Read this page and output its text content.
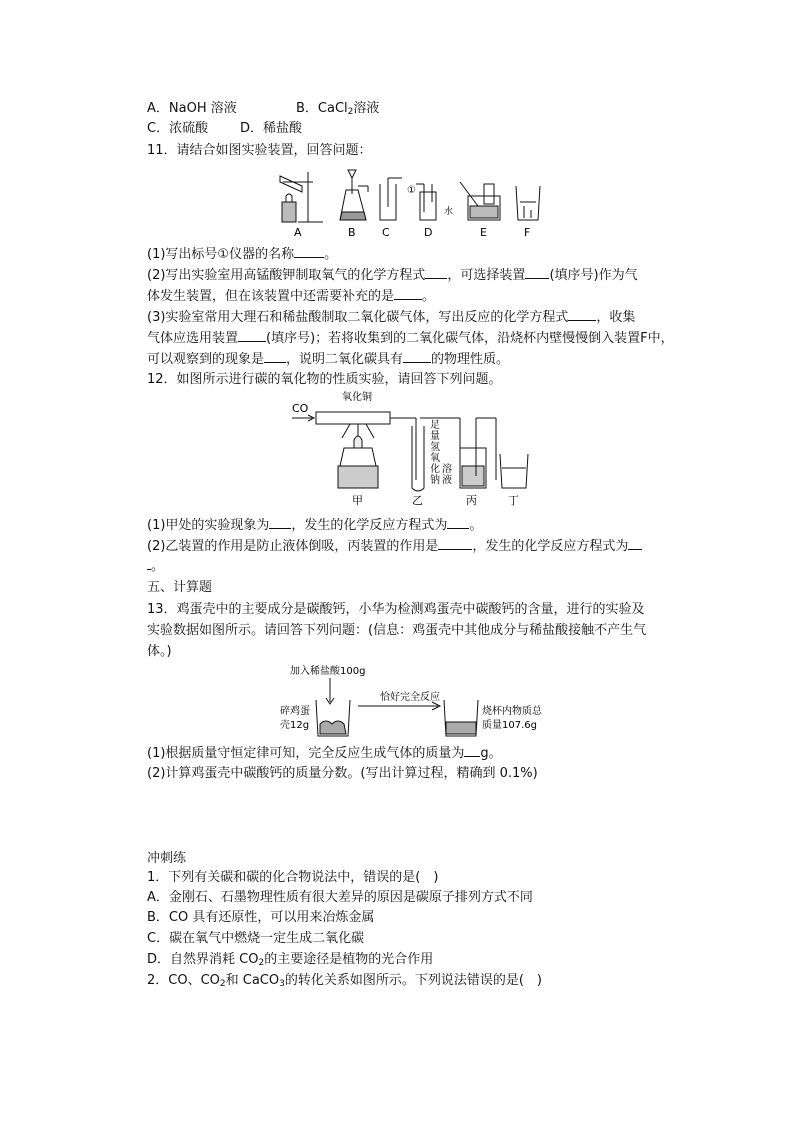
A．NaOH 溶液	B．CaCl$_2$溶液
C．浓硫酸 D．稀盐酸
11．请结合如图实验装置，回答问题：
①
水
A	B C	D	E	F
(1)写出标号①仪器的名称 。
(2)写出实验室用高锰酸钾制取氧气的化学方程式 ，可选择装置 (填序号)作为气
体发生装置，但在该装置中还需要补充的是 。
(3)实验室常用大理石和稀盐酸制取二氧化碳气体，写出反应的化学方程式 ，收集
气体应选用装置 (填序号)；若将收集到的二氧化碳气体，沿烧杯内壁慢慢倒入装置F中，
可以观察到的现象是 ，说明二氧化碳具有 的物理性质。
12．如图所示进行碳的氧化物的性质实验，请回答下列问题。
CO
氧化铜
足
量
氢
氧
化
钠
溶
液
甲	乙	丙	丁
(1)甲处的实验现象为 ，发生的化学反应方程式为 。
(2)乙装置的作用是防止液体倒吸，丙装置的作用是	，发生的化学反应方程式为
。
五、计算题
13．鸡蛋壳中的主要成分是碳酸钙，小华为检测鸡蛋壳中碳酸钙的含量，进行的实验及
实验数据如图所示。请回答下列问题：(信息：鸡蛋壳中其他成分与稀盐酸接触不产生气
体。)
加入稀盐酸100g
碎鸡蛋
壳12g
恰好完全反应
烧杯内物质总
质量107.6g
(1)根据质量守恒定律可知，完全反应生成气体的质量为 g。
(2)计算鸡蛋壳中碳酸钙的质量分数。(写出计算过程，精确到 0.1%)
冲刺练
1．下列有关碳和碳的化合物说法中，错误的是(　)
A．金刚石、石墨物理性质有很大差异的原因是碳原子排列方式不同
B．CO 具有还原性，可以用来冶炼金属
C．碳在氧气中燃烧一定生成二氧化碳
D．自然界消耗 $CO_2$的主要途径是植物的光合作用
2．CO、$CO_2$和 CaCO$_3$的转化关系如图所示。下列说法错误的是(　)
